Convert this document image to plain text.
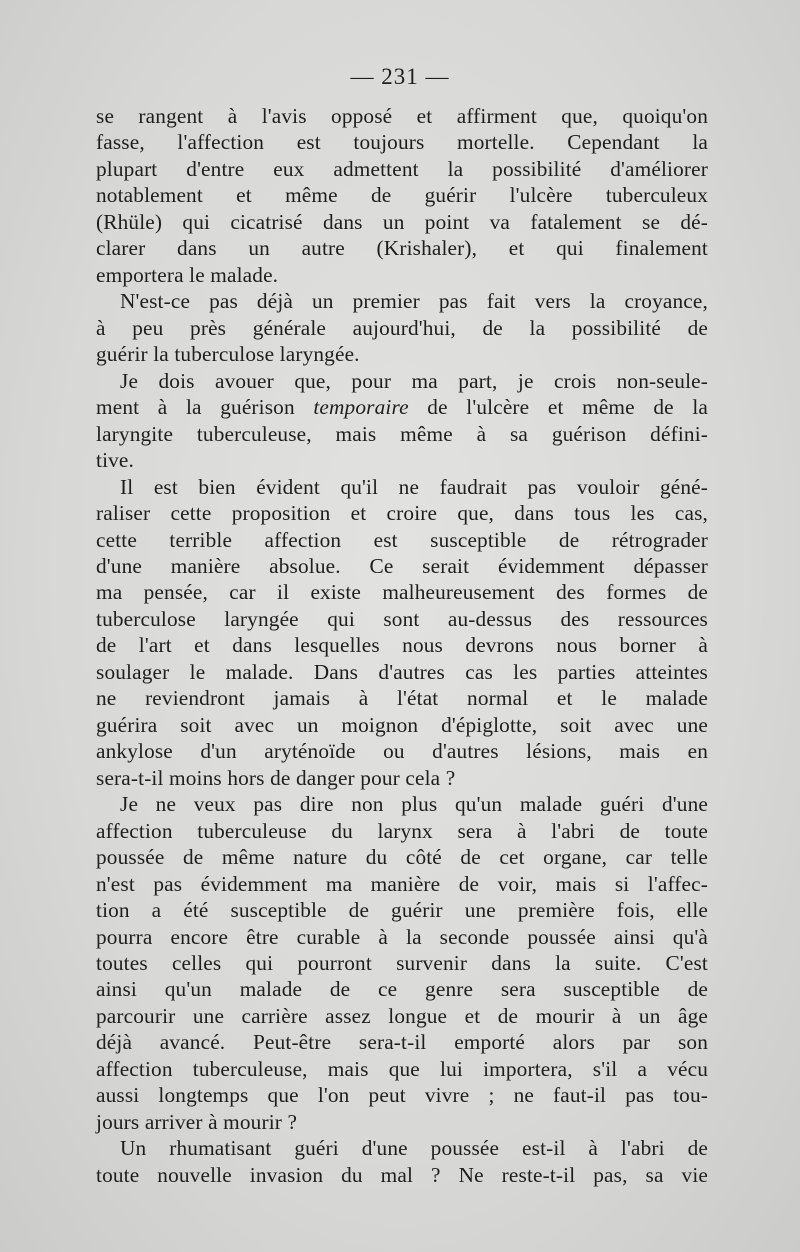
— 231 —
se rangent à l'avis opposé et affirment que, quoiqu'on
fasse, l'affection est toujours mortelle. Cependant la
plupart d'entre eux admettent la possibilité d'améliorer
notablement et même de guérir l'ulcère tuberculeux
(Rhüle) qui cicatrisé dans un point va fatalement se dé-
clarer dans un autre (Krishaler), et qui finalement
emportera le malade.
N'est-ce pas déjà un premier pas fait vers la croyance,
à peu près générale aujourd'hui, de la possibilité de
guérir la tuberculose laryngée.
Je dois avouer que, pour ma part, je crois non-seule-
ment à la guérison temporaire de l'ulcère et même de la
laryngite tuberculeuse, mais même à sa guérison défini-
tive.
Il est bien évident qu'il ne faudrait pas vouloir géné-
raliser cette proposition et croire que, dans tous les cas,
cette terrible affection est susceptible de rétrograder
d'une manière absolue. Ce serait évidemment dépasser
ma pensée, car il existe malheureusement des formes de
tuberculose laryngée qui sont au-dessus des ressources
de l'art et dans lesquelles nous devrons nous borner à
soulager le malade. Dans d'autres cas les parties atteintes
ne reviendront jamais à l'état normal et le malade
guérira soit avec un moignon d'épiglotte, soit avec une
ankylose d'un aryténoïde ou d'autres lésions, mais en
sera-t-il moins hors de danger pour cela ?
Je ne veux pas dire non plus qu'un malade guéri d'une
affection tuberculeuse du larynx sera à l'abri de toute
poussée de même nature du côté de cet organe, car telle
n'est pas évidemment ma manière de voir, mais si l'affec-
tion a été susceptible de guérir une première fois, elle
pourra encore être curable à la seconde poussée ainsi qu'à
toutes celles qui pourront survenir dans la suite. C'est
ainsi qu'un malade de ce genre sera susceptible de
parcourir une carrière assez longue et de mourir à un âge
déjà avancé. Peut-être sera-t-il emporté alors par son
affection tuberculeuse, mais que lui importera, s'il a vécu
aussi longtemps que l'on peut vivre ; ne faut-il pas tou-
jours arriver à mourir ?
Un rhumatisant guéri d'une poussée est-il à l'abri de
toute nouvelle invasion du mal ? Ne reste-t-il pas, sa vie
